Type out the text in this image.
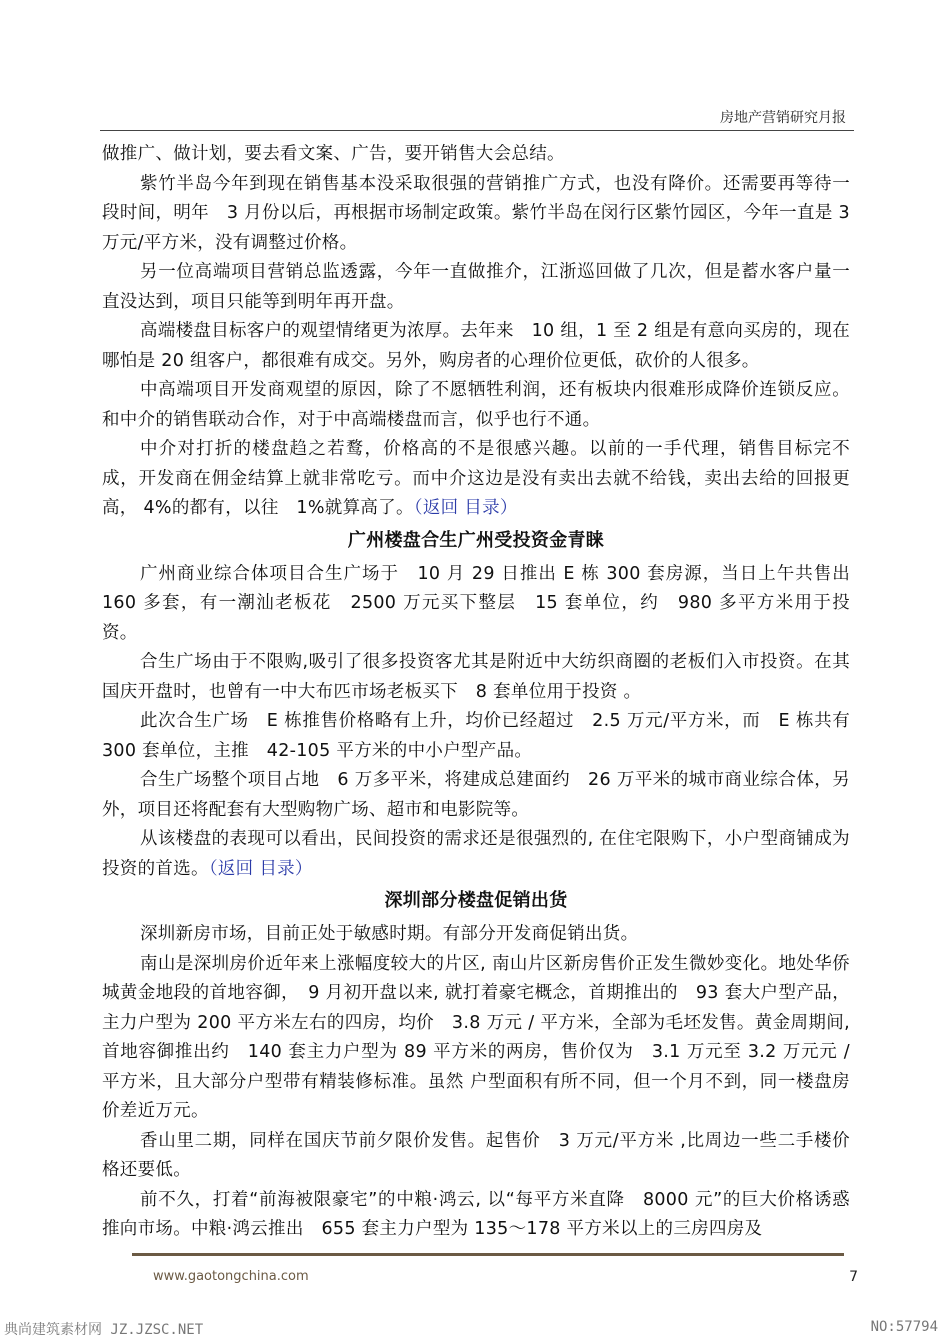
房地产营销研究月报

做推广、做计划，要去看文案、广告，要开销售大会总结。

紫竹半岛今年到现在销售基本没采取很强的营销推广方式，也没有降价。还需要再等待一段时间，明年　3 月份以后，再根据市场制定政策。紫竹半岛在闵行区紫竹园区，今年一直是 3 万元/平方米，没有调整过价格。

另一位高端项目营销总监透露，今年一直做推介，江浙巡回做了几次，但是蓄水客户量一直没达到，项目只能等到明年再开盘。

高端楼盘目标客户的观望情绪更为浓厚。去年来　10 组，1 至 2 组是有意向买房的，现在哪怕是 20 组客户，都很难有成交。另外，购房者的心理价位更低，砍价的人很多。

中高端项目开发商观望的原因，除了不愿牺牲利润，还有板块内很难形成降价连锁反应。和中介的销售联动合作，对于中高端楼盘而言，似乎也行不通。

中介对打折的楼盘趋之若鹜，价格高的不是很感兴趣。以前的一手代理，销售目标完不成，开发商在佣金结算上就非常吃亏。而中介这边是没有卖出去就不给钱，卖出去给的回报更高， 4%的都有，以往　1%就算高了。（返回 目录）

广州楼盘合生广州受投资金青睐

广州商业综合体项目合生广场于　10 月 29 日推出 E 栋 300 套房源，当日上午共售出 160 多套，有一潮汕老板花　2500 万元买下整层　15 套单位，约　980 多平方米用于投资。

合生广场由于不限购,吸引了很多投资客尤其是附近中大纺织商圈的老板们入市投资。在其国庆开盘时，也曾有一中大布匹市场老板买下　8 套单位用于投资 。

此次合生广场　E 栋推售价格略有上升，均价已经超过　2.5 万元/平方米，而　E 栋共有 300 套单位，主推　42-105 平方米的中小户型产品。

合生广场整个项目占地　6 万多平米，将建成总建面约　26 万平米的城市商业综合体，另外，项目还将配套有大型购物广场、超市和电影院等。

从该楼盘的表现可以看出，民间投资的需求还是很强烈的, 在住宅限购下，小户型商铺成为投资的首选。（返回 目录）

深圳部分楼盘促销出货

深圳新房市场，目前正处于敏感时期。有部分开发商促销出货。

南山是深圳房价近年来上涨幅度较大的片区, 南山片区新房售价正发生微妙变化。地处华侨城黄金地段的首地容御，　9 月初开盘以来, 就打着豪宅概念，首期推出的　93 套大户型产品，主力户型为 200 平方米左右的四房，均价　3.8 万元 / 平方米，全部为毛坯发售。黄金周期间, 首地容御推出约　140 套主力户型为 89 平方米的两房，售价仅为　3.1 万元至 3.2 万元元 / 平方米，且大部分户型带有精装修标准。虽然 户型面积有所不同，但一个月不到，同一楼盘房价差近万元。

香山里二期，同样在国庆节前夕限价发售。起售价　3 万元/平方米 ,比周边一些二手楼价格还要低。

前不久，打着“前海被限豪宅”的中粮·鸿云, 以“每平方米直降　8000 元”的巨大价格诱惑推向市场。中粮·鸿云推出　655 套主力户型为 135～178 平方米以上的三房四房及

www.gaotongchina.com	7
典尚建筑素材网 JZ.JZSC.NET	NO:57794
